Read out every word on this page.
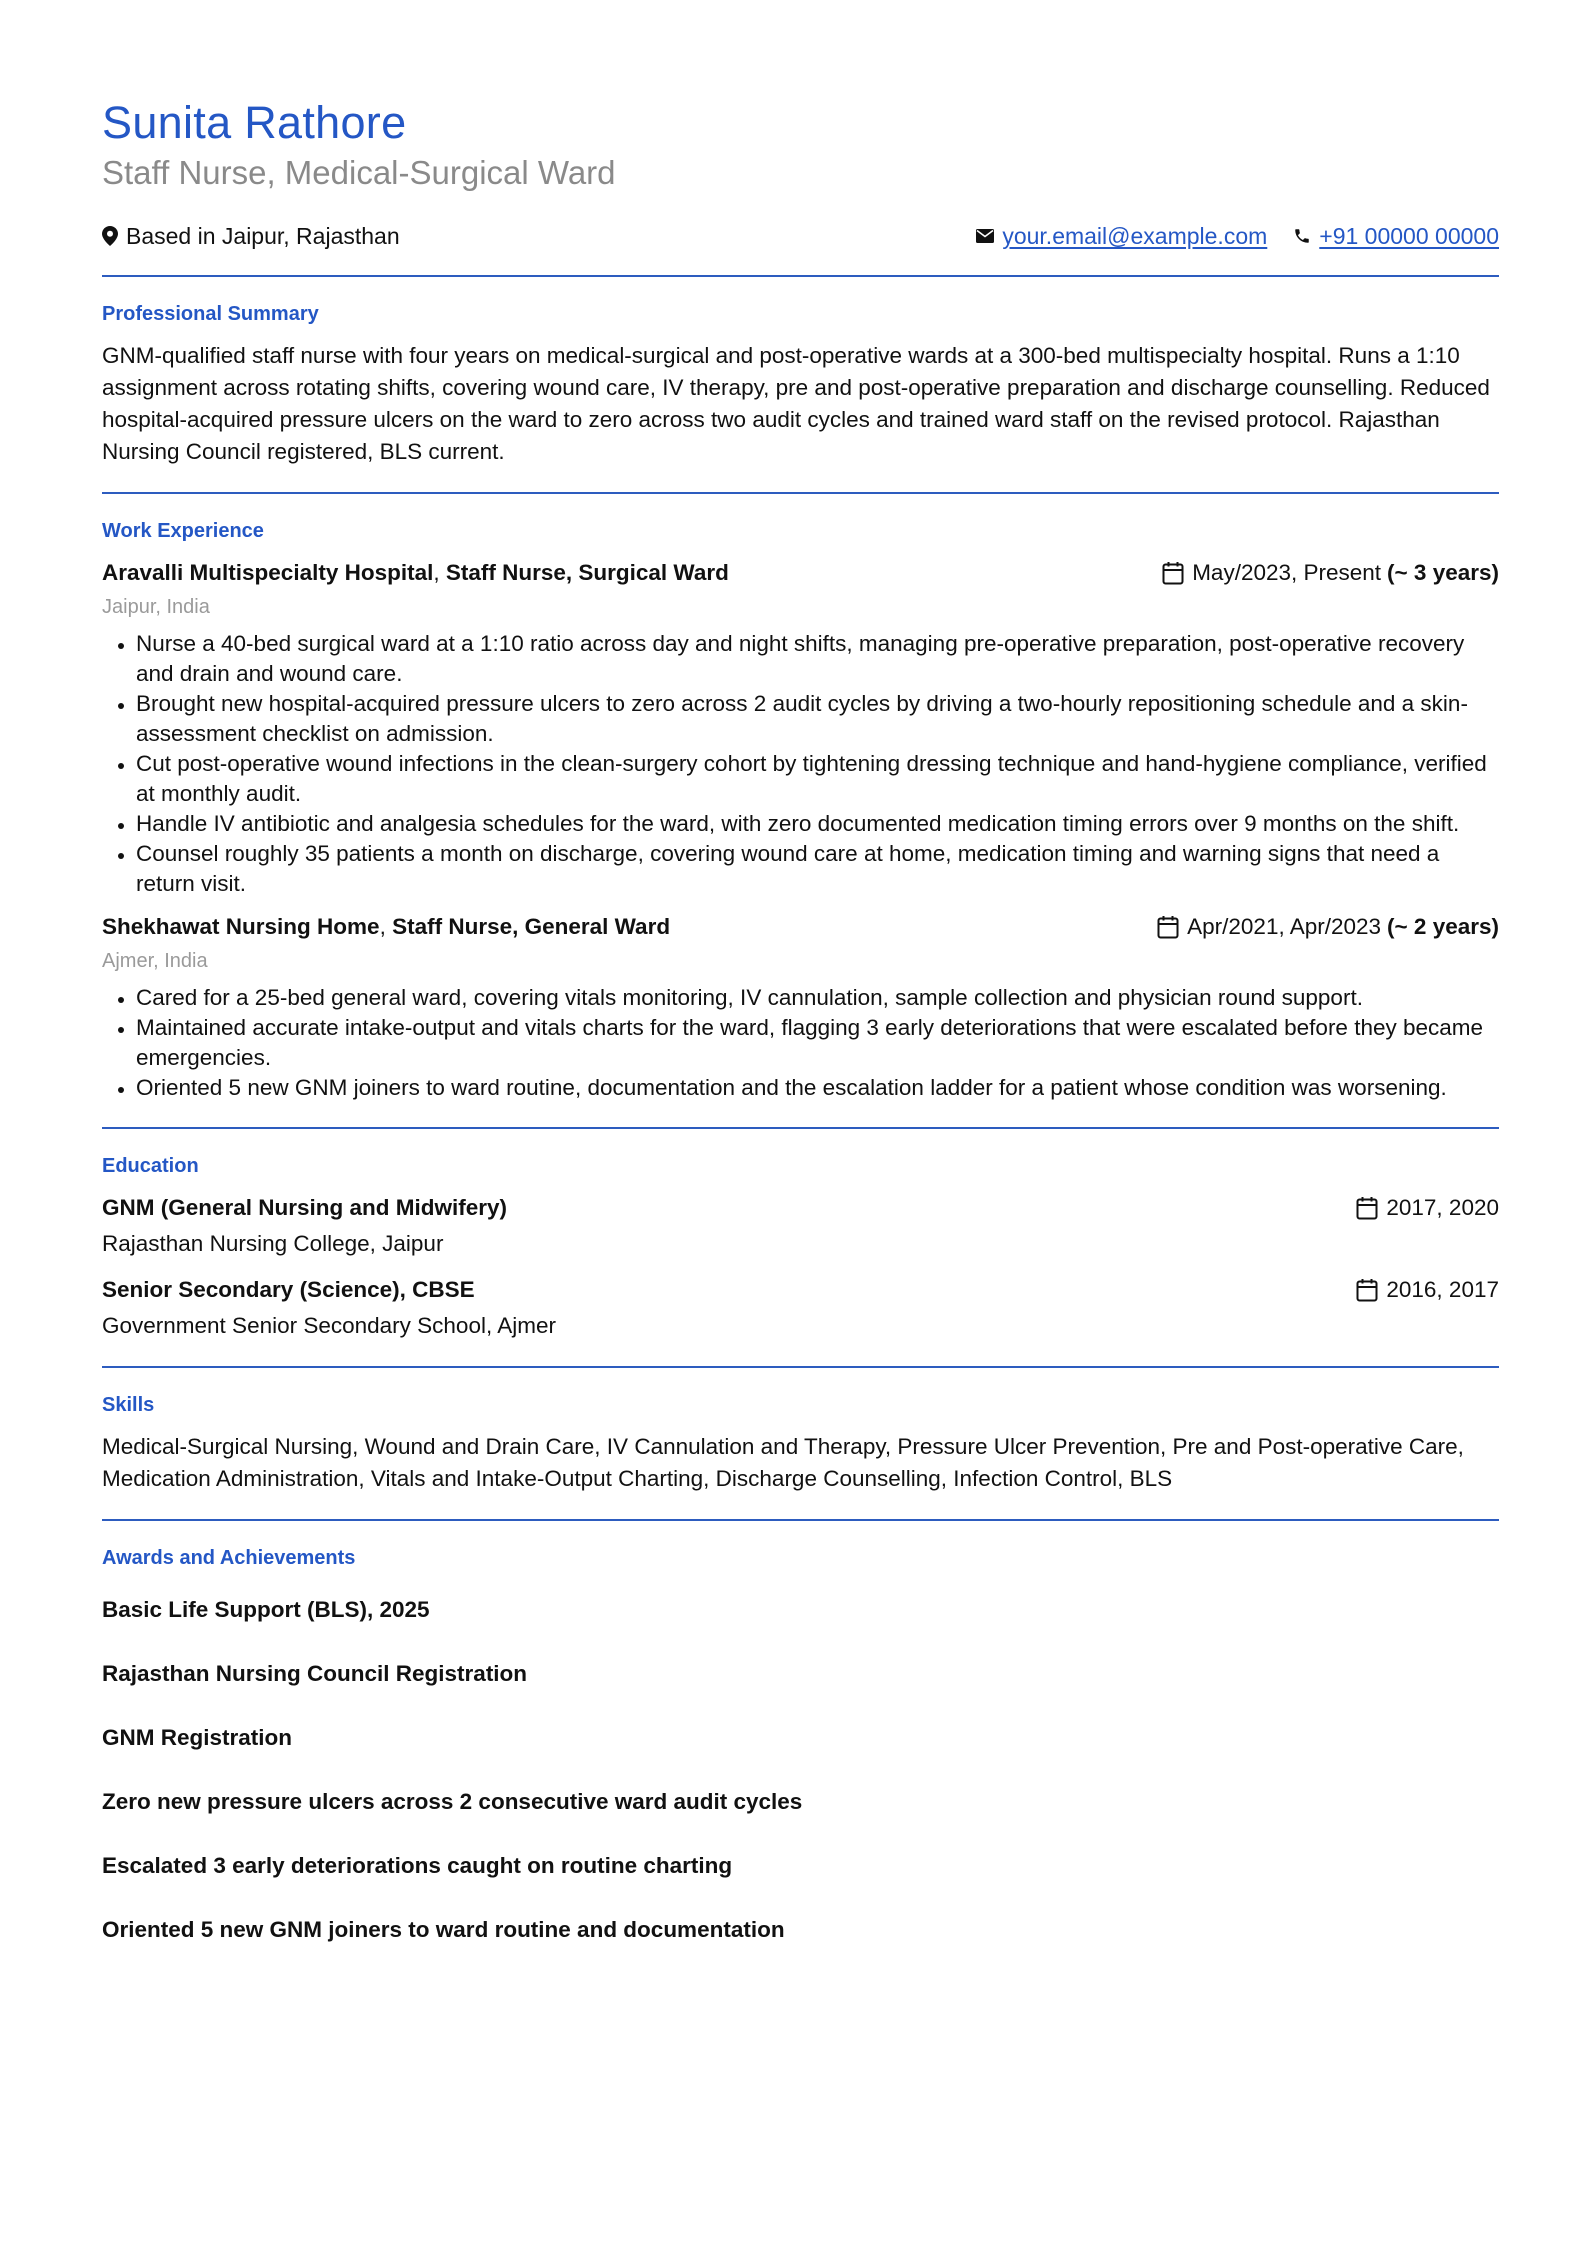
Sunita Rathore
Staff Nurse, Medical-Surgical Ward
Based in Jaipur, Rajasthan	your.email@example.com +91 00000 00000
Professional Summary

GNM-qualified staff nurse with four years on medical-surgical and post-operative wards at a 300-bed multispecialty hospital. Runs a 1:10 assignment across rotating shifts, covering wound care, IV therapy, pre and post-operative preparation and discharge counselling. Reduced hospital-acquired pressure ulcers on the ward to zero across two audit cycles and trained ward staff on the revised protocol. Rajasthan Nursing Council registered, BLS current.

Work Experience
Aravalli Multispecialty Hospital, Staff Nurse, Surgical Ward	May/2023, Present (~ 3 years)
Jaipur, India
• Nurse a 40-bed surgical ward at a 1:10 ratio across day and night shifts, managing pre-operative preparation, post-operative recovery and drain and wound care.
• Brought new hospital-acquired pressure ulcers to zero across 2 audit cycles by driving a two-hourly repositioning schedule and a skin-assessment checklist on admission.
• Cut post-operative wound infections in the clean-surgery cohort by tightening dressing technique and hand-hygiene compliance, verified at monthly audit.
• Handle IV antibiotic and analgesia schedules for the ward, with zero documented medication timing errors over 9 months on the shift.
• Counsel roughly 35 patients a month on discharge, covering wound care at home, medication timing and warning signs that need a return visit.
Shekhawat Nursing Home, Staff Nurse, General Ward	Apr/2021, Apr/2023 (~ 2 years)
Ajmer, India
• Cared for a 25-bed general ward, covering vitals monitoring, IV cannulation, sample collection and physician round support.
• Maintained accurate intake-output and vitals charts for the ward, flagging 3 early deteriorations that were escalated before they became emergencies.
• Oriented 5 new GNM joiners to ward routine, documentation and the escalation ladder for a patient whose condition was worsening.
Education
GNM (General Nursing and Midwifery)	2017, 2020
Rajasthan Nursing College, Jaipur
Senior Secondary (Science), CBSE	2016, 2017
Government Senior Secondary School, Ajmer
Skills

Medical-Surgical Nursing, Wound and Drain Care, IV Cannulation and Therapy, Pressure Ulcer Prevention, Pre and Post-operative Care, Medication Administration, Vitals and Intake-Output Charting, Discharge Counselling, Infection Control, BLS

Awards and Achievements

Basic Life Support (BLS), 2025

Rajasthan Nursing Council Registration

GNM Registration

Zero new pressure ulcers across 2 consecutive ward audit cycles

Escalated 3 early deteriorations caught on routine charting

Oriented 5 new GNM joiners to ward routine and documentation
